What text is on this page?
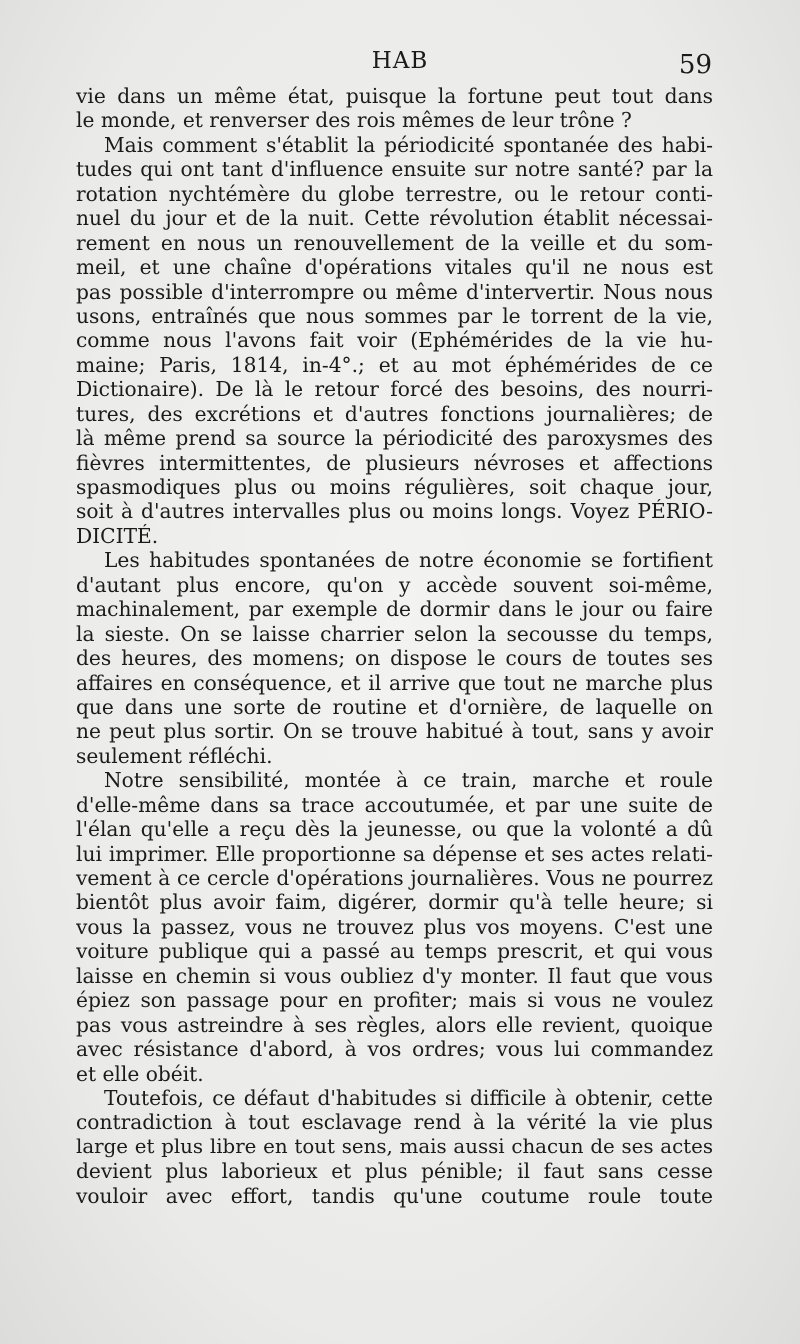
HAB	59
vie dans un même état, puisque la fortune peut tout dans
le monde, et renverser des rois mêmes de leur trône ?
Mais comment s'établit la périodicité spontanée des habi-
tudes qui ont tant d'influence ensuite sur notre santé? par la
rotation nychtémère du globe terrestre, ou le retour conti-
nuel du jour et de la nuit. Cette révolution établit nécessai-
rement en nous un renouvellement de la veille et du som-
meil, et une chaîne d'opérations vitales qu'il ne nous est
pas possible d'interrompre ou même d'intervertir. Nous nous
usons, entraînés que nous sommes par le torrent de la vie,
comme nous l'avons fait voir (Ephémérides de la vie hu-
maine; Paris, 1814, in-4°.; et au mot éphémérides de ce
Dictionaire). De là le retour forcé des besoins, des nourri-
tures, des excrétions et d'autres fonctions journalières; de
là même prend sa source la périodicité des paroxysmes des
fièvres intermittentes, de plusieurs névroses et affections
spasmodiques plus ou moins régulières, soit chaque jour,
soit à d'autres intervalles plus ou moins longs. Voyez PÉRIO-
DICITÉ.
Les habitudes spontanées de notre économie se fortifient
d'autant plus encore, qu'on y accède souvent soi-même,
machinalement, par exemple de dormir dans le jour ou faire
la sieste. On se laisse charrier selon la secousse du temps,
des heures, des momens; on dispose le cours de toutes ses
affaires en conséquence, et il arrive que tout ne marche plus
que dans une sorte de routine et d'ornière, de laquelle on
ne peut plus sortir. On se trouve habitué à tout, sans y avoir
seulement réfléchi.
Notre sensibilité, montée à ce train, marche et roule
d'elle-même dans sa trace accoutumée, et par une suite de
l'élan qu'elle a reçu dès la jeunesse, ou que la volonté a dû
lui imprimer. Elle proportionne sa dépense et ses actes relati-
vement à ce cercle d'opérations journalières. Vous ne pourrez
bientôt plus avoir faim, digérer, dormir qu'à telle heure; si
vous la passez, vous ne trouvez plus vos moyens. C'est une
voiture publique qui a passé au temps prescrit, et qui vous
laisse en chemin si vous oubliez d'y monter. Il faut que vous
épiez son passage pour en profiter; mais si vous ne voulez
pas vous astreindre à ses règles, alors elle revient, quoique
avec résistance d'abord, à vos ordres; vous lui commandez
et elle obéit.
Toutefois, ce défaut d'habitudes si difficile à obtenir, cette
contradiction à tout esclavage rend à la vérité la vie plus
large et plus libre en tout sens, mais aussi chacun de ses actes
devient plus laborieux et plus pénible; il faut sans cesse
vouloir avec effort, tandis qu'une coutume roule toute
